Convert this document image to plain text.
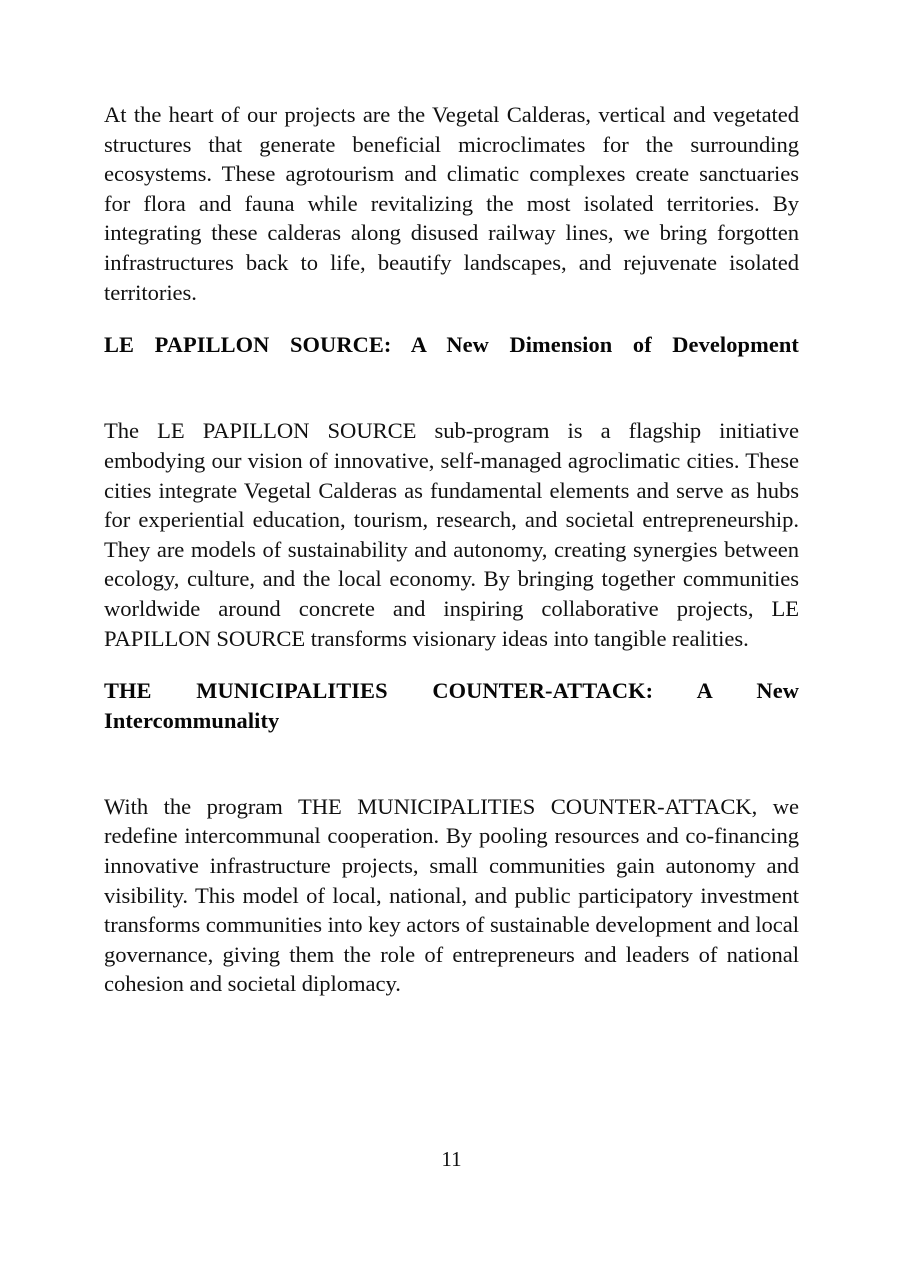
At the heart of our projects are the Vegetal Calderas, vertical and vegetated structures that generate beneficial microclimates for the surrounding ecosystems. These agrotourism and climatic complexes create sanctuaries for flora and fauna while revitalizing the most isolated territories. By integrating these calderas along disused railway lines, we bring forgotten infrastructures back to life, beautify landscapes, and rejuvenate isolated territories.

LE PAPILLON SOURCE: A New Dimension of Development

The LE PAPILLON SOURCE sub-program is a flagship initiative embodying our vision of innovative, self-managed agroclimatic cities. These cities integrate Vegetal Calderas as fundamental elements and serve as hubs for experiential education, tourism, research, and societal entrepreneurship. They are models of sustainability and autonomy, creating synergies between ecology, culture, and the local economy. By bringing together communities worldwide around concrete and inspiring collaborative projects, LE PAPILLON SOURCE transforms visionary ideas into tangible realities.

THE MUNICIPALITIES COUNTER-ATTACK: A New Intercommunality

With the program THE MUNICIPALITIES COUNTER-ATTACK, we redefine intercommunal cooperation. By pooling resources and co-financing innovative infrastructure projects, small communities gain autonomy and visibility. This model of local, national, and public participatory investment transforms communities into key actors of sustainable development and local governance, giving them the role of entrepreneurs and leaders of national cohesion and societal diplomacy.

11
